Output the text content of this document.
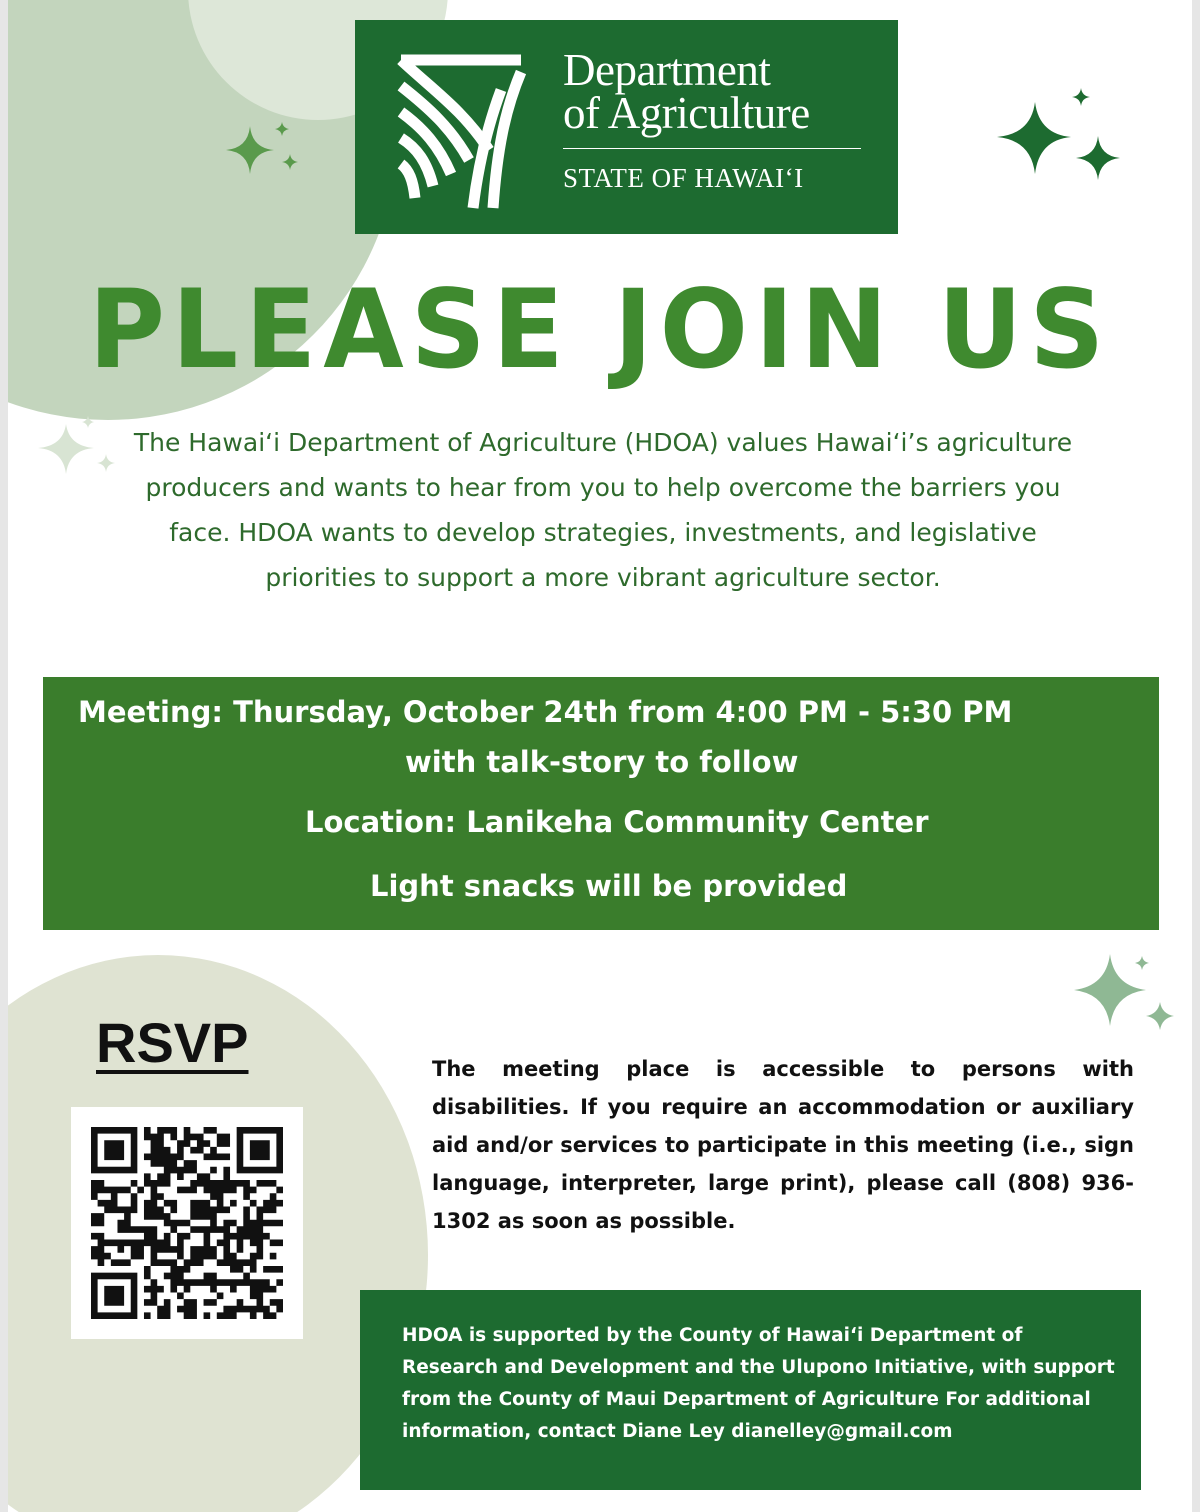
Department
of Agriculture
STATE OF HAWAIʻI
PLEASE JOIN US
The Hawaiʻi Department of Agriculture (HDOA) values Hawaiʻi’s agriculture producers and wants to hear from you to help overcome the barriers you face. HDOA wants to develop strategies, investments, and legislative priorities to support a more vibrant agriculture sector.
Meeting: Thursday, October 24th from 4:00 PM - 5:30 PM
with talk-story to follow
Location: Lanikeha Community Center
Light snacks will be provided
RSVP	The meeting place is accessible to persons with disabilities. If you require an accommodation or auxiliary aid and/or services to participate in this meeting (i.e., sign language, interpreter, large print), please call (808) 936-1302 as soon as possible.
HDOA is supported by the County of Hawaiʻi Department of Research and Development and the Ulupono Initiative, with support from the County of Maui Department of Agriculture For additional information, contact Diane Ley dianelley@gmail.com
